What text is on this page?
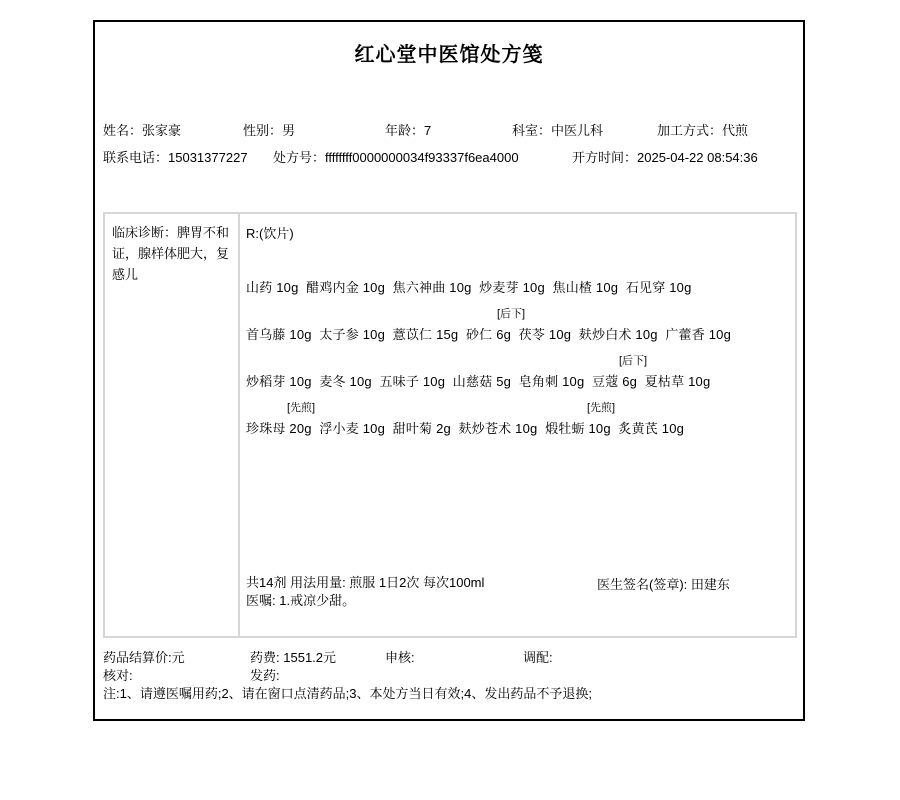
红心堂中医馆处方笺
姓名：张家豪	性别：男	年龄：7	科室：中医儿科	加工方式：代煎
联系电话：15031377227 处方号：ffffffff0000000034f93337f6ea4000	开方时间：2025-04-22 08:54:36
临床诊断：脾胃不和证，腺样体肥大，复感儿
R:(饮片)
山药 10g  醋鸡内金 10g  焦六神曲 10g  炒麦芽 10g  焦山楂 10g  石见穿 10g
[后下]
首乌藤 10g  太子参 10g  薏苡仁 15g  砂仁 6g  茯苓 10g  麸炒白术 10g  广藿香 10g
[后下]
炒稻芽 10g  麦冬 10g  五味子 10g  山慈菇 5g  皂角刺 10g  豆蔻 6g  夏枯草 10g
[先煎]	[先煎]
珍珠母 20g  浮小麦 10g  甜叶菊 2g  麸炒苍术 10g  煅牡蛎 10g  炙黄芪 10g
共14剂 用法用量: 煎服 1日2次 每次100ml
医嘱: 1.戒凉少甜。
医生签名(签章): 田建东
药品结算价:元	药费: 1551.2元	申核:	调配:
核对:	发药:
注:1、请遵医嘱用药;2、请在窗口点清药品;3、本处方当日有效;4、发出药品不予退换;
